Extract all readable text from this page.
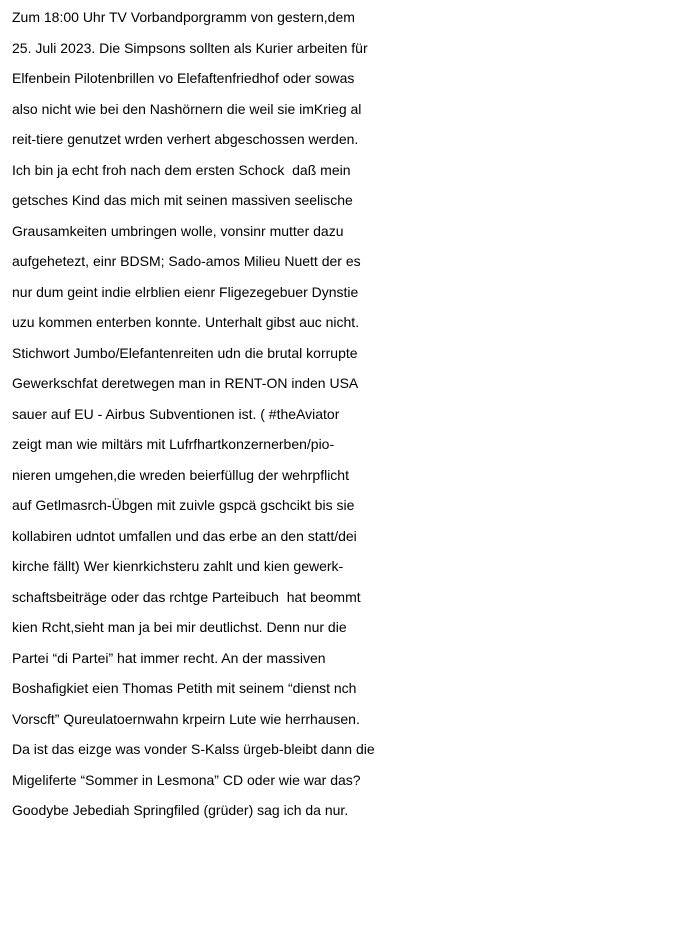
Zum 18:00 Uhr TV Vorbandporgramm von gestern,dem
25. Juli 2023. Die Simpsons sollten als Kurier arbeiten für
Elfenbein Pilotenbrillen vo Elefaftenfriedhof oder sowas
also nicht wie bei den Nashörnern die weil sie imKrieg al
reit-tiere genutzet wrden verhert abgeschossen werden.
Ich bin ja echt froh nach dem ersten Schock  daß mein
getsches Kind das mich mit seinen massiven seelische
Grausamkeiten umbringen wolle, vonsinr mutter dazu
aufgehetezt, einr BDSM; Sado-amos Milieu Nuett der es
nur dum geint indie elrblien eienr Fligezegebuer Dynstie
uzu kommen enterben konnte. Unterhalt gibst auc nicht.
Stichwort Jumbo/Elefantenreiten udn die brutal korrupte
Gewerkschfat deretwegen man in RENT-ON inden USA
sauer auf EU - Airbus Subventionen ist. ( #theAviator
zeigt man wie miltärs mit Lufrfhartkonzernerben/pio-
nieren umgehen,die wreden beierfüllug der wehrpflicht
auf Getlmasrch-Übgen mit zuivle gspcä gschcikt bis sie
kollabiren udntot umfallen und das erbe an den statt/dei
kirche fällt) Wer kienrkichsteru zahlt und kien gewerk-
schaftsbeiträge oder das rchtge Parteibuch  hat beommt
kien Rcht,sieht man ja bei mir deutlichst. Denn nur die
Partei “di Partei” hat immer recht. An der massiven
Boshafigkiet eien Thomas Petith mit seinem “dienst nch
Vorscft” Qureulatoernwahn krpeirn Lute wie herrhausen.
Da ist das eizge was vonder S-Kalss ürgeb-bleibt dann die
Migeliferte “Sommer in Lesmona” CD oder wie war das?
Goodybe Jebediah Springfiled (grüder) sag ich da nur.
